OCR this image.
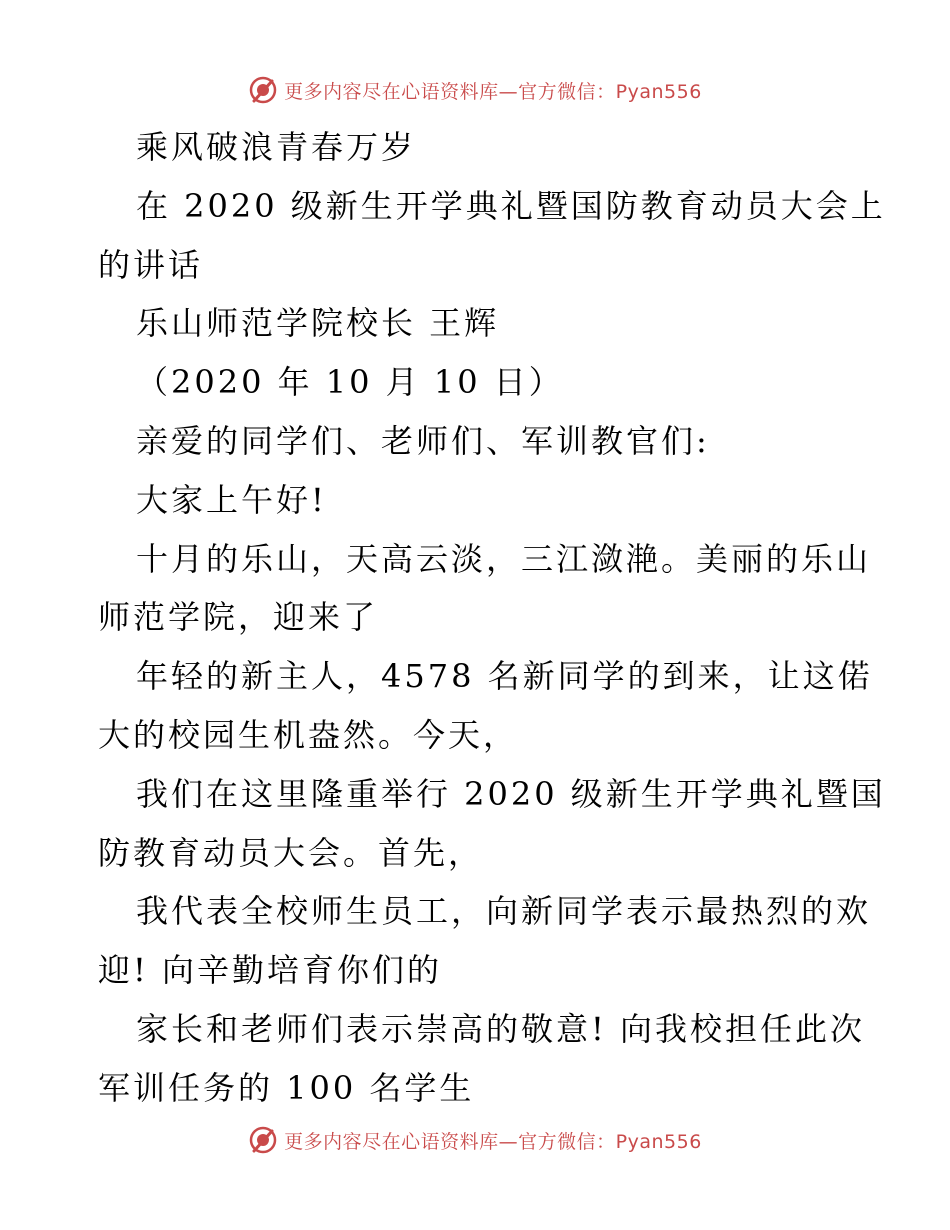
更多内容尽在心语资料库—官方微信：Pyan556
乘风破浪青春万岁
在 2020 级新生开学典礼暨国防教育动员大会上
的讲话
乐山师范学院校长 王辉
（2020 年 10 月 10 日）
亲爱的同学们、老师们、军训教官们:
大家上午好!
十月的乐山，天高云淡，三江潋滟。美丽的乐山
师范学院，迎来了
年轻的新主人，4578 名新同学的到来，让这偌
大的校园生机盎然。今天，
我们在这里隆重举行 2020 级新生开学典礼暨国
防教育动员大会。首先，
我代表全校师生员工，向新同学表示最热烈的欢
迎! 向辛勤培育你们的
家长和老师们表示崇高的敬意! 向我校担任此次
军训任务的 100 名学生
更多内容尽在心语资料库—官方微信：Pyan556
